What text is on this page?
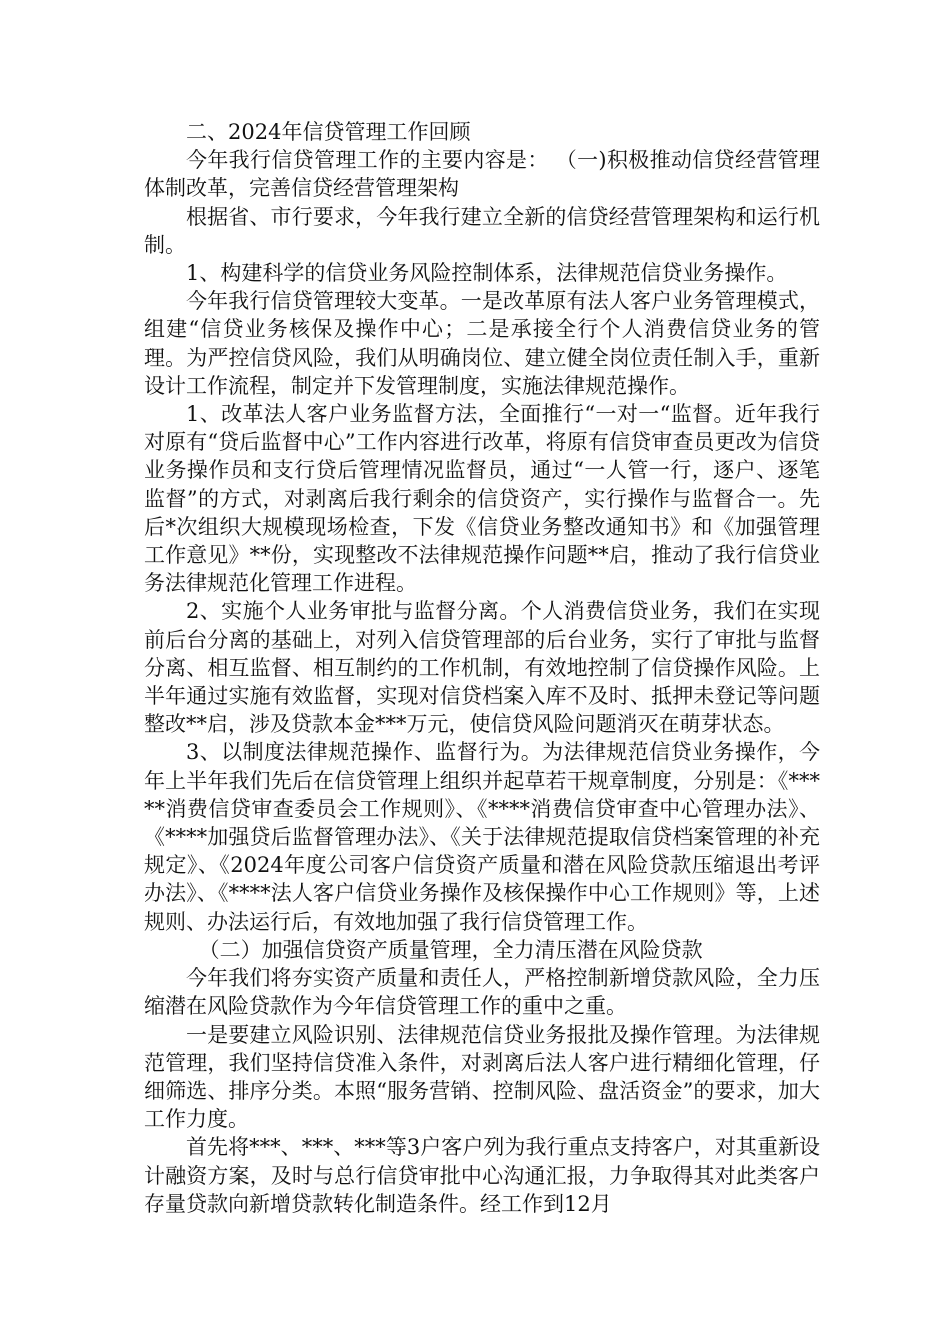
二、2024年信贷管理工作回顾

今年我行信贷管理工作的主要内容是： （一)积极推动信贷经营管理体制改革，完善信贷经营管理架构

根据省、市行要求，今年我行建立全新的信贷经营管理架构和运行机制。

1、构建科学的信贷业务风险控制体系，法律规范信贷业务操作。

今年我行信贷管理较大变革。一是改革原有法人客户业务管理模式，组建“信贷业务核保及操作中心；二是承接全行个人消费信贷业务的管理。为严控信贷风险，我们从明确岗位、建立健全岗位责任制入手，重新设计工作流程，制定并下发管理制度，实施法律规范操作。

1、改革法人客户业务监督方法，全面推行“一对一“监督。近年我行对原有“贷后监督中心”工作内容进行改革，将原有信贷审查员更改为信贷业务操作员和支行贷后管理情况监督员，通过“一人管一行，逐户、逐笔监督”的方式，对剥离后我行剩余的信贷资产，实行操作与监督合一。先后*次组织大规模现场检查，下发《信贷业务整改通知书》和《加强管理工作意见》**份，实现整改不法律规范操作问题**启，推动了我行信贷业务法律规范化管理工作进程。

2、实施个人业务审批与监督分离。个人消费信贷业务，我们在实现前后台分离的基础上，对列入信贷管理部的后台业务，实行了审批与监督分离、相互监督、相互制约的工作机制，有效地控制了信贷操作风险。上半年通过实施有效监督，实现对信贷档案入库不及时、抵押未登记等问题整改**启，涉及贷款本金***万元，使信贷风险问题消灭在萌芽状态。

3、以制度法律规范操作、监督行为。为法律规范信贷业务操作，今年上半年我们先后在信贷管理上组织并起草若干规章制度，分别是：《*****消费信贷审查委员会工作规则》、《****消费信贷审查中心管理办法》、《****加强贷后监督管理办法》、《关于法律规范提取信贷档案管理的补充规定》、《2024年度公司客户信贷资产质量和潜在风险贷款压缩退出考评办法》、《****法人客户信贷业务操作及核保操作中心工作规则》等，上述规则、办法运行后，有效地加强了我行信贷管理工作。

（二）加强信贷资产质量管理，全力清压潜在风险贷款

今年我们将夯实资产质量和责任人，严格控制新增贷款风险，全力压缩潜在风险贷款作为今年信贷管理工作的重中之重。

一是要建立风险识别、法律规范信贷业务报批及操作管理。为法律规范管理，我们坚持信贷准入条件，对剥离后法人客户进行精细化管理，仔细筛选、排序分类。本照“服务营销、控制风险、盘活资金”的要求，加大工作力度。

首先将***、***、***等3户客户列为我行重点支持客户，对其重新设计融资方案，及时与总行信贷审批中心沟通汇报，力争取得其对此类客户存量贷款向新增贷款转化制造条件。经工作到12月
